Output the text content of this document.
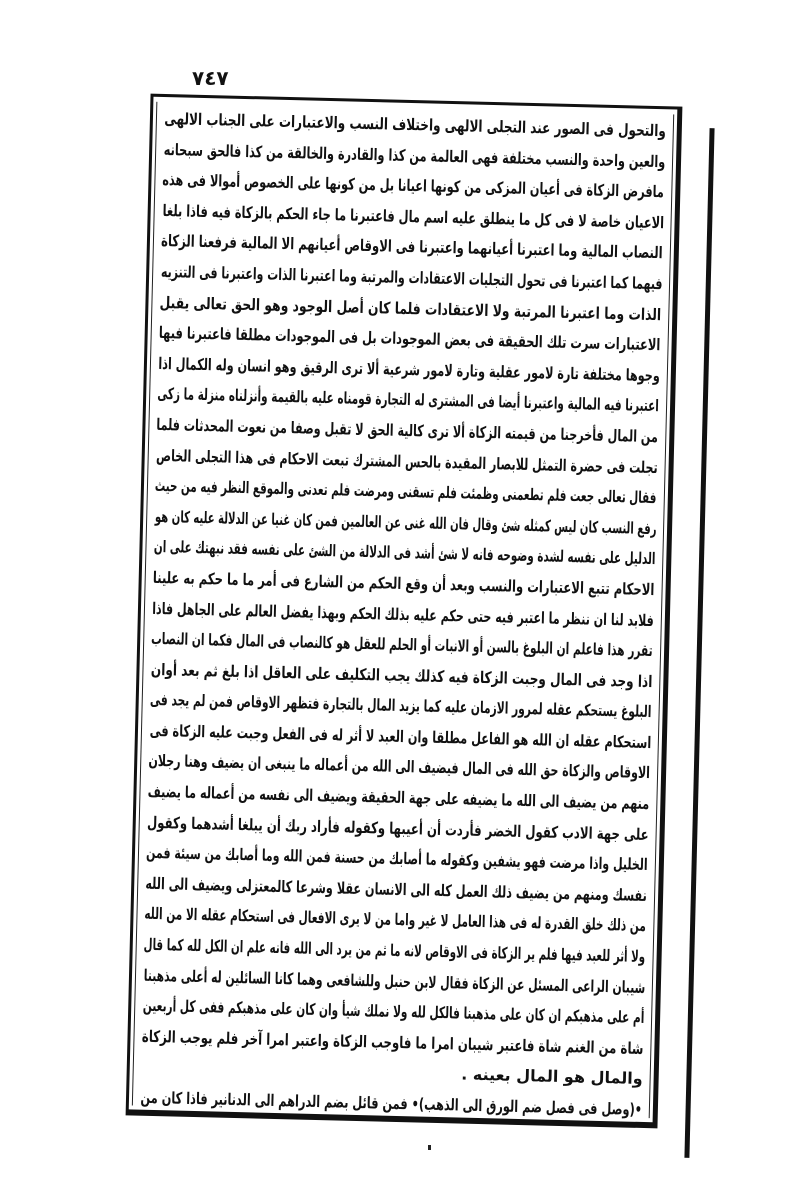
٧٤٧
والتحول فى الصور عند التجلى الالهى واختلاف النسب والاعتبارات على الجناب الالهى
والعين واحدة والنسب مختلفة فهى العالمة من كذا والقادرة والخالقة من كذا فالحق سبحانه
مافرض الزكاة فى أعيان المزكى من كونها اعيانا بل من كونها على الخصوص أموالا فى هذه
الاعيان خاصة لا فى كل ما ينطلق عليه اسم مال فاعتبرنا ما جاء الحكم بالزكاة فيه فاذا بلغا
النصاب المالية وما اعتبرنا أعيانهما واعتبرنا فى الاوقاص أعيانهم الا المالية فرفعنا الزكاة
فيهما كما اعتبرنا فى تحول التجليات الاعتقادات والمرتبة وما اعتبرنا الذات واعتبرنا فى التنزيه
الذات وما اعتبرنا المرتبة ولا الاعتقادات فلما كان أصل الوجود وهو الحق تعالى يقبل
الاعتبارات سرت تلك الحقيقة فى بعض الموجودات بل فى الموجودات مطلقا فاعتبرنا فيها
وجوها مختلفة تارة لامور عقلية وتارة لامور شرعية ألا ترى الرقيق وهو انسان وله الكمال اذا
اعتبرنا فيه المالية واعتبرنا أيضا فى المشترى له التجارة قومناه عليه بالقيمة وأنزلناه منزلة ما زكى
من المال فأخرجنا من قيمته الزكاة ألا ترى كالية الحق لا تقبل وصفا من نعوت المحدثات فلما
تجلت فى حضرة التمثل للابصار المقيدة بالحس المشترك تبعت الاحكام فى هذا التجلى الخاص
فقال تعالى جعت فلم تطعمنى وظمئت فلم تسقنى ومرضت فلم تعدنى والموقع النظر فيه من حيث
رفع النسب كان ليس كمثله شئ وقال فان الله غنى عن العالمين فمن كان غنيا عن الدلالة عليه كان هو
الدليل على نفسه لشدة وضوحه فانه لا شئ أشد فى الدلالة من الشئ على نفسه فقد نبهتك على ان
الاحكام تتبع الاعتبارات والنسب وبعد أن وقع الحكم من الشارع فى أمر ما ما حكم به علينا
فلابد لنا ان ننظر ما اعتبر فيه حتى حكم عليه بذلك الحكم وبهذا يفضل العالم على الجاهل فاذا
تقرر هذا فاعلم ان البلوغ بالسن أو الانبات أو الحلم للعقل هو كالنصاب فى المال فكما ان النصاب
اذا وجد فى المال وجبت الزكاة فيه كذلك يجب التكليف على العاقل اذا بلغ ثم بعد أوان
البلوغ يستحكم عقله لمرور الازمان عليه كما يزيد المال بالتجارة فتظهر الاوقاص فمن لم يجد فى
استحكام عقله ان الله هو الفاعل مطلقا وان العبد لا أثر له فى الفعل وجبت عليه الزكاة فى
الاوقاص والزكاة حق الله فى المال فيضيف الى الله من أعماله ما ينبغى ان يضيف وهنا رجلان
منهم من يضيف الى الله ما يضيفه على جهة الحقيقة ويضيف الى نفسه من أعماله ما يضيف
على جهة الادب كقول الخضر فأردت أن أعيبها وكقوله فأراد ربك أن يبلغا أشدهما وكقول
الخليل واذا مرضت فهو يشفين وكقوله ما أصابك من حسنة فمن الله وما أصابك من سيئة فمن
نفسك ومنهم من يضيف ذلك العمل كله الى الانسان عقلا وشرعا كالمعتزلى ويضيف الى الله
من ذلك خلق القدرة له فى هذا العامل لا غير واما من لا يرى الافعال فى استحكام عقله الا من الله
ولا أثر للعبد فيها فلم ير الزكاة فى الاوقاص لانه ما ثم من يرد الى الله فانه علم ان الكل لله كما قال
شيبان الراعى المسئل عن الزكاة فقال لابن حنبل وللشافعى وهما كانا السائلين له أعلى مذهبنا
أم على مذهبكم ان كان على مذهبنا فالكل لله ولا نملك شيأ وان كان على مذهبكم ففى كل أربعين
شاة من الغنم شاة فاعتبر شيبان امرا ما فاوجب الزكاة واعتبر امرا آخر فلم يوجب الزكاة
والمال هو المال بعينه .
•(وصل فى فصل ضم الورق الى الذهب)• فمن قائل بضم الدراهم الى الدنانير فاذا كان من
